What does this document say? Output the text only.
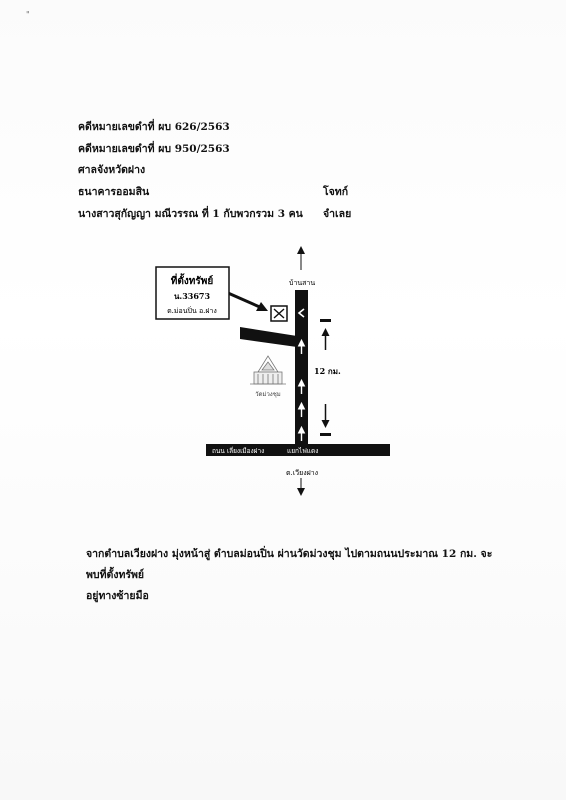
"
คดีหมายเลขดำที่ ผบ 626/2563
คดีหมายเลขดำที่ ผบ 950/2563
ศาลจังหวัดฝาง
ธนาคารออมสิน	โจทก์
นางสาวสุกัญญา มณีวรรณ ที่ 1 กับพวกรวม 3 คน จำเลย
บ้านสาน
ที่ตั้งทรัพย์
น.33673
ต.ม่อนปิ่น อ.ฝาง
12 กม.
วัดม่วงชุม
ถนน เลี่ยงเมืองฝาง	แยกไฟแดง
ต.เวียงฝาง

จากตำบลเวียงฝาง มุ่งหน้าสู่ ตำบลม่อนปิ่น ผ่านวัดม่วงชุม ไปตามถนนประมาณ 12 กม. จะพบที่ตั้งทรัพย์

อยู่ทางซ้ายมือ
